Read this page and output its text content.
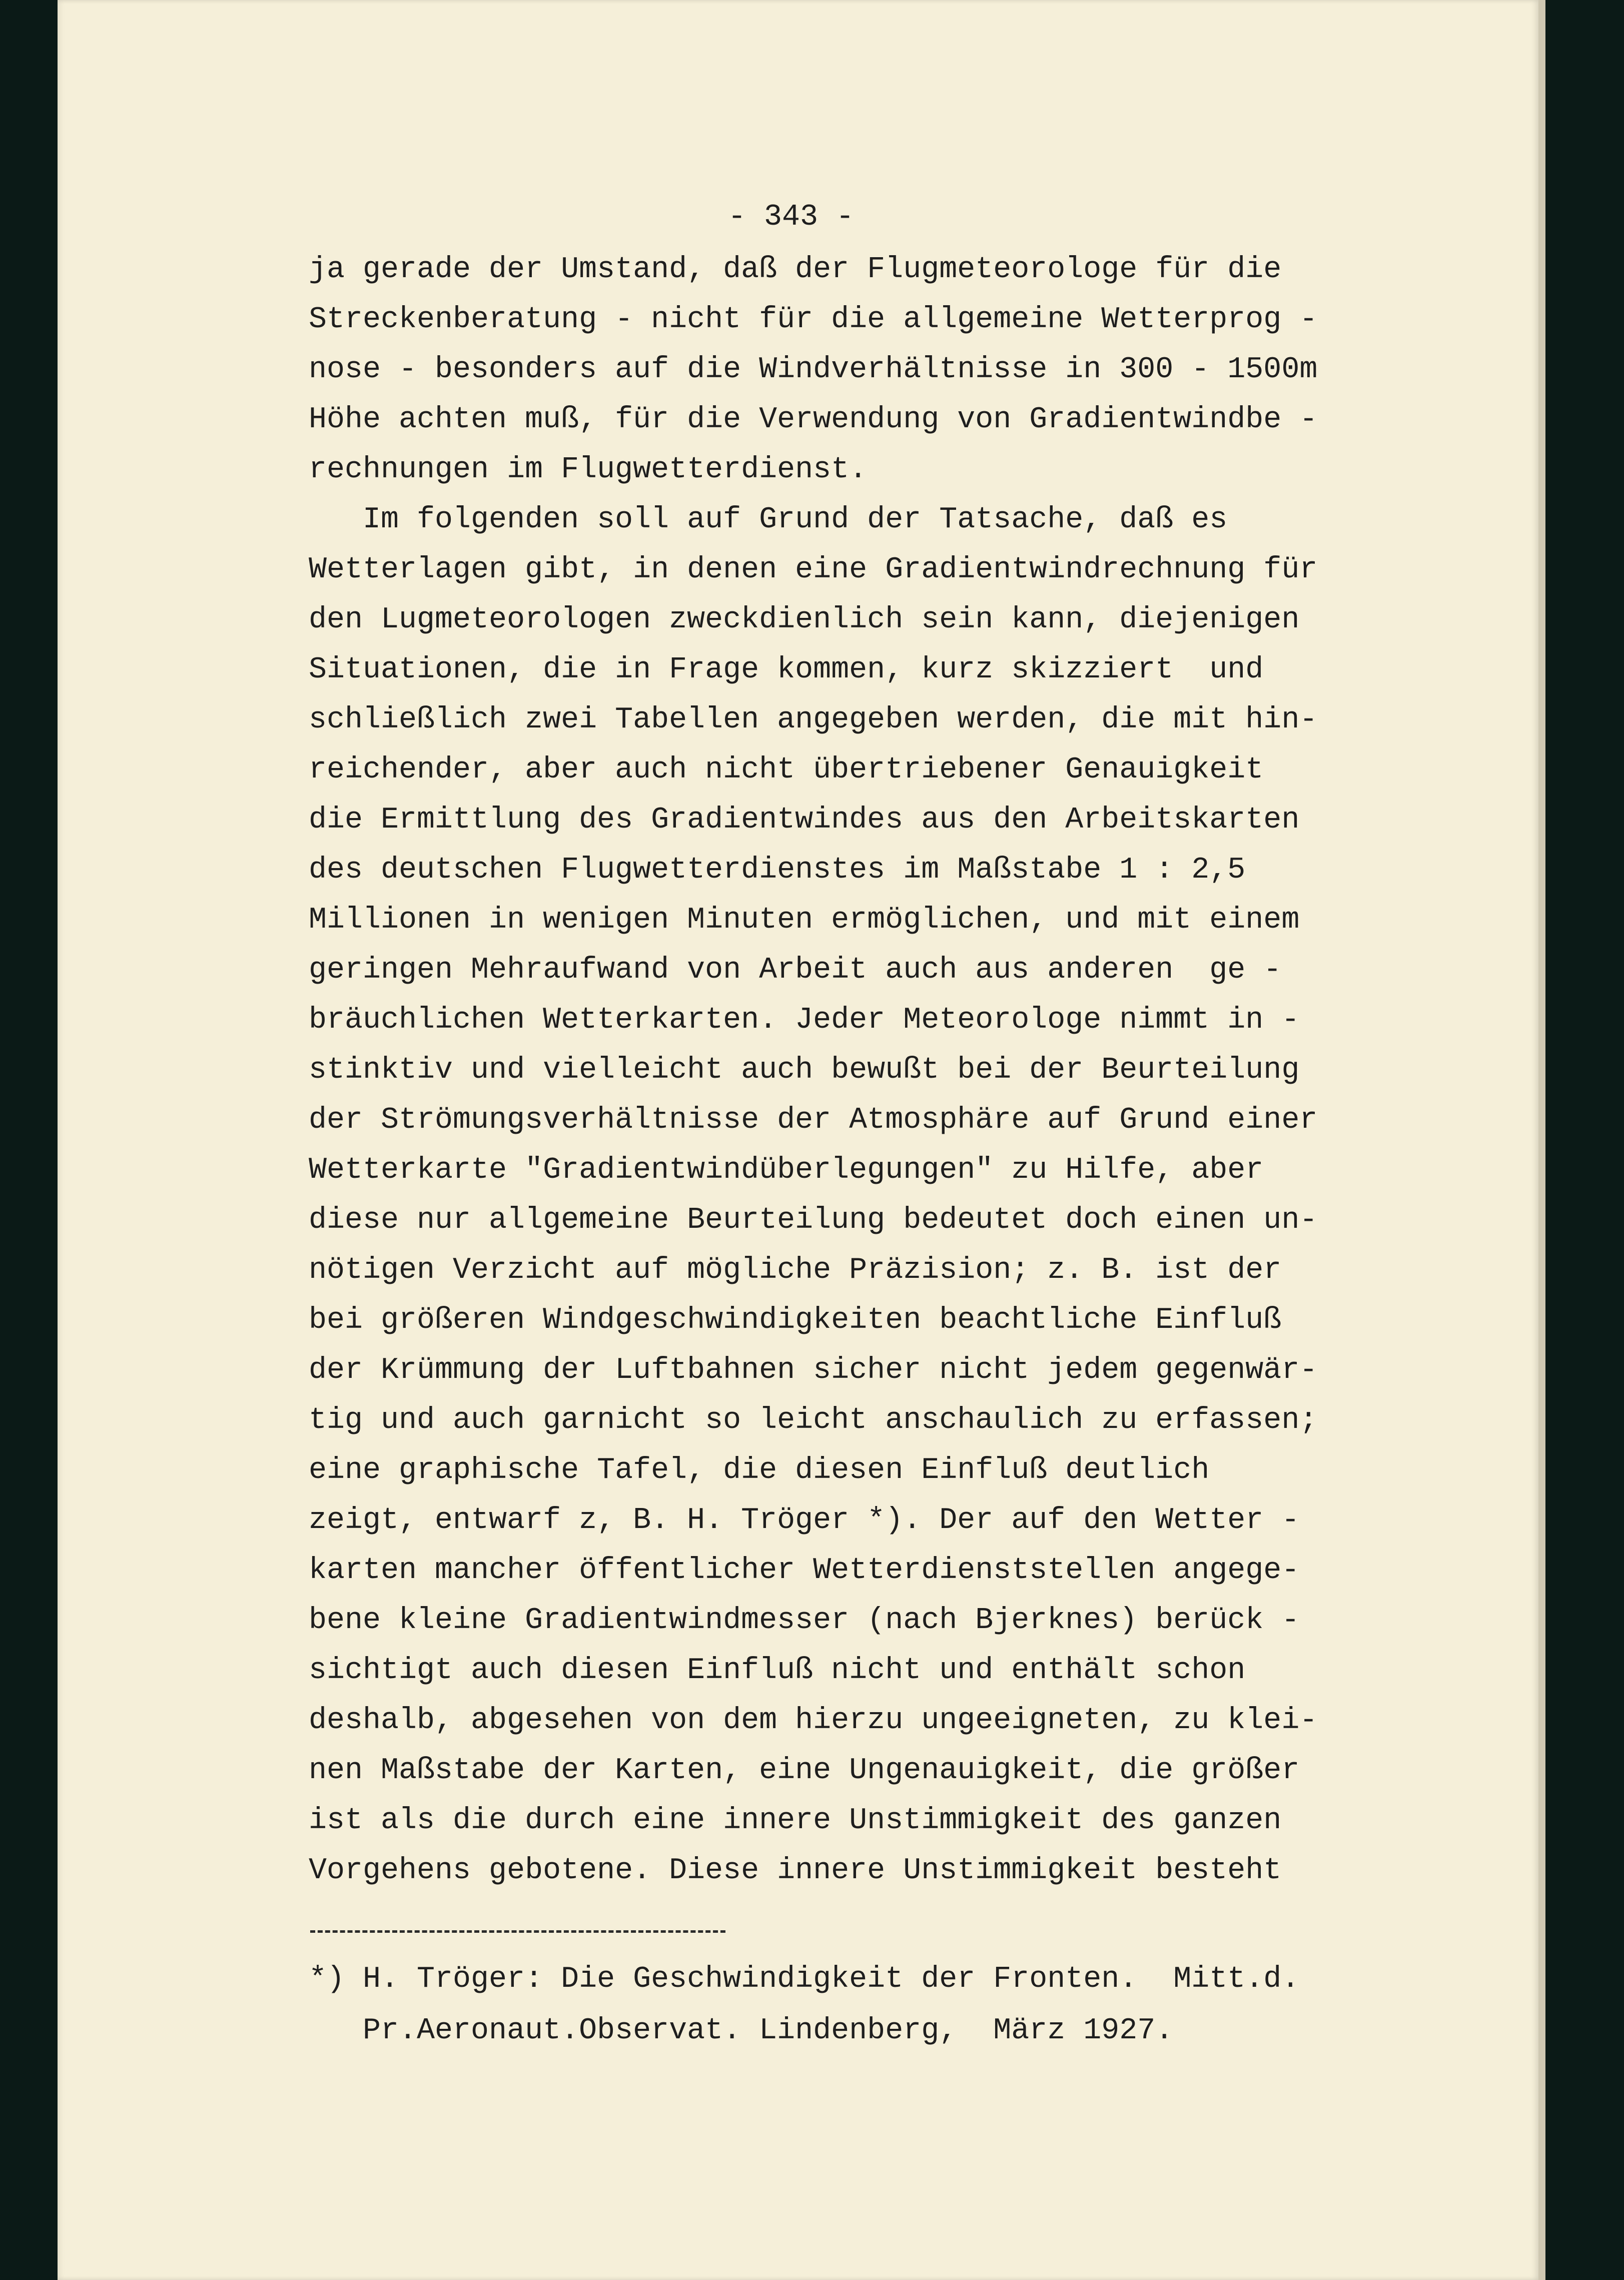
- 343 -
ja gerade der Umstand, daß der Flugmeteorologe für die
Streckenberatung - nicht für die allgemeine Wetterprog -
nose - besonders auf die Windverhältnisse in 300 - 1500m
Höhe achten muß, für die Verwendung von Gradientwindbe -
rechnungen im Flugwetterdienst.
Im folgenden soll auf Grund der Tatsache, daß es
Wetterlagen gibt, in denen eine Gradientwindrechnung für
den Lugmeteorologen zweckdienlich sein kann, diejenigen
Situationen, die in Frage kommen, kurz skizziert  und
schließlich zwei Tabellen angegeben werden, die mit hin-
reichender, aber auch nicht übertriebener Genauigkeit
die Ermittlung des Gradientwindes aus den Arbeitskarten
des deutschen Flugwetterdienstes im Maßstabe 1 : 2,5
Millionen in wenigen Minuten ermöglichen, und mit einem
geringen Mehraufwand von Arbeit auch aus anderen  ge -
bräuchlichen Wetterkarten. Jeder Meteorologe nimmt in -
stinktiv und vielleicht auch bewußt bei der Beurteilung
der Strömungsverhältnisse der Atmosphäre auf Grund einer
Wetterkarte "Gradientwindüberlegungen" zu Hilfe, aber
diese nur allgemeine Beurteilung bedeutet doch einen un-
nötigen Verzicht auf mögliche Präzision; z. B. ist der
bei größeren Windgeschwindigkeiten beachtliche Einfluß
der Krümmung der Luftbahnen sicher nicht jedem gegenwär-
tig und auch garnicht so leicht anschaulich zu erfassen;
eine graphische Tafel, die diesen Einfluß deutlich
zeigt, entwarf z, B. H. Tröger *). Der auf den Wetter -
karten mancher öffentlicher Wetterdienststellen angege-
bene kleine Gradientwindmesser (nach Bjerknes) berück -
sichtigt auch diesen Einfluß nicht und enthält schon
deshalb, abgesehen von dem hierzu ungeeigneten, zu klei-
nen Maßstabe der Karten, eine Ungenauigkeit, die größer
ist als die durch eine innere Unstimmigkeit des ganzen
Vorgehens gebotene. Diese innere Unstimmigkeit besteht
*) H. Tröger: Die Geschwindigkeit der Fronten.  Mitt.d.
Pr.Aeronaut.Observat. Lindenberg,  März 1927.
